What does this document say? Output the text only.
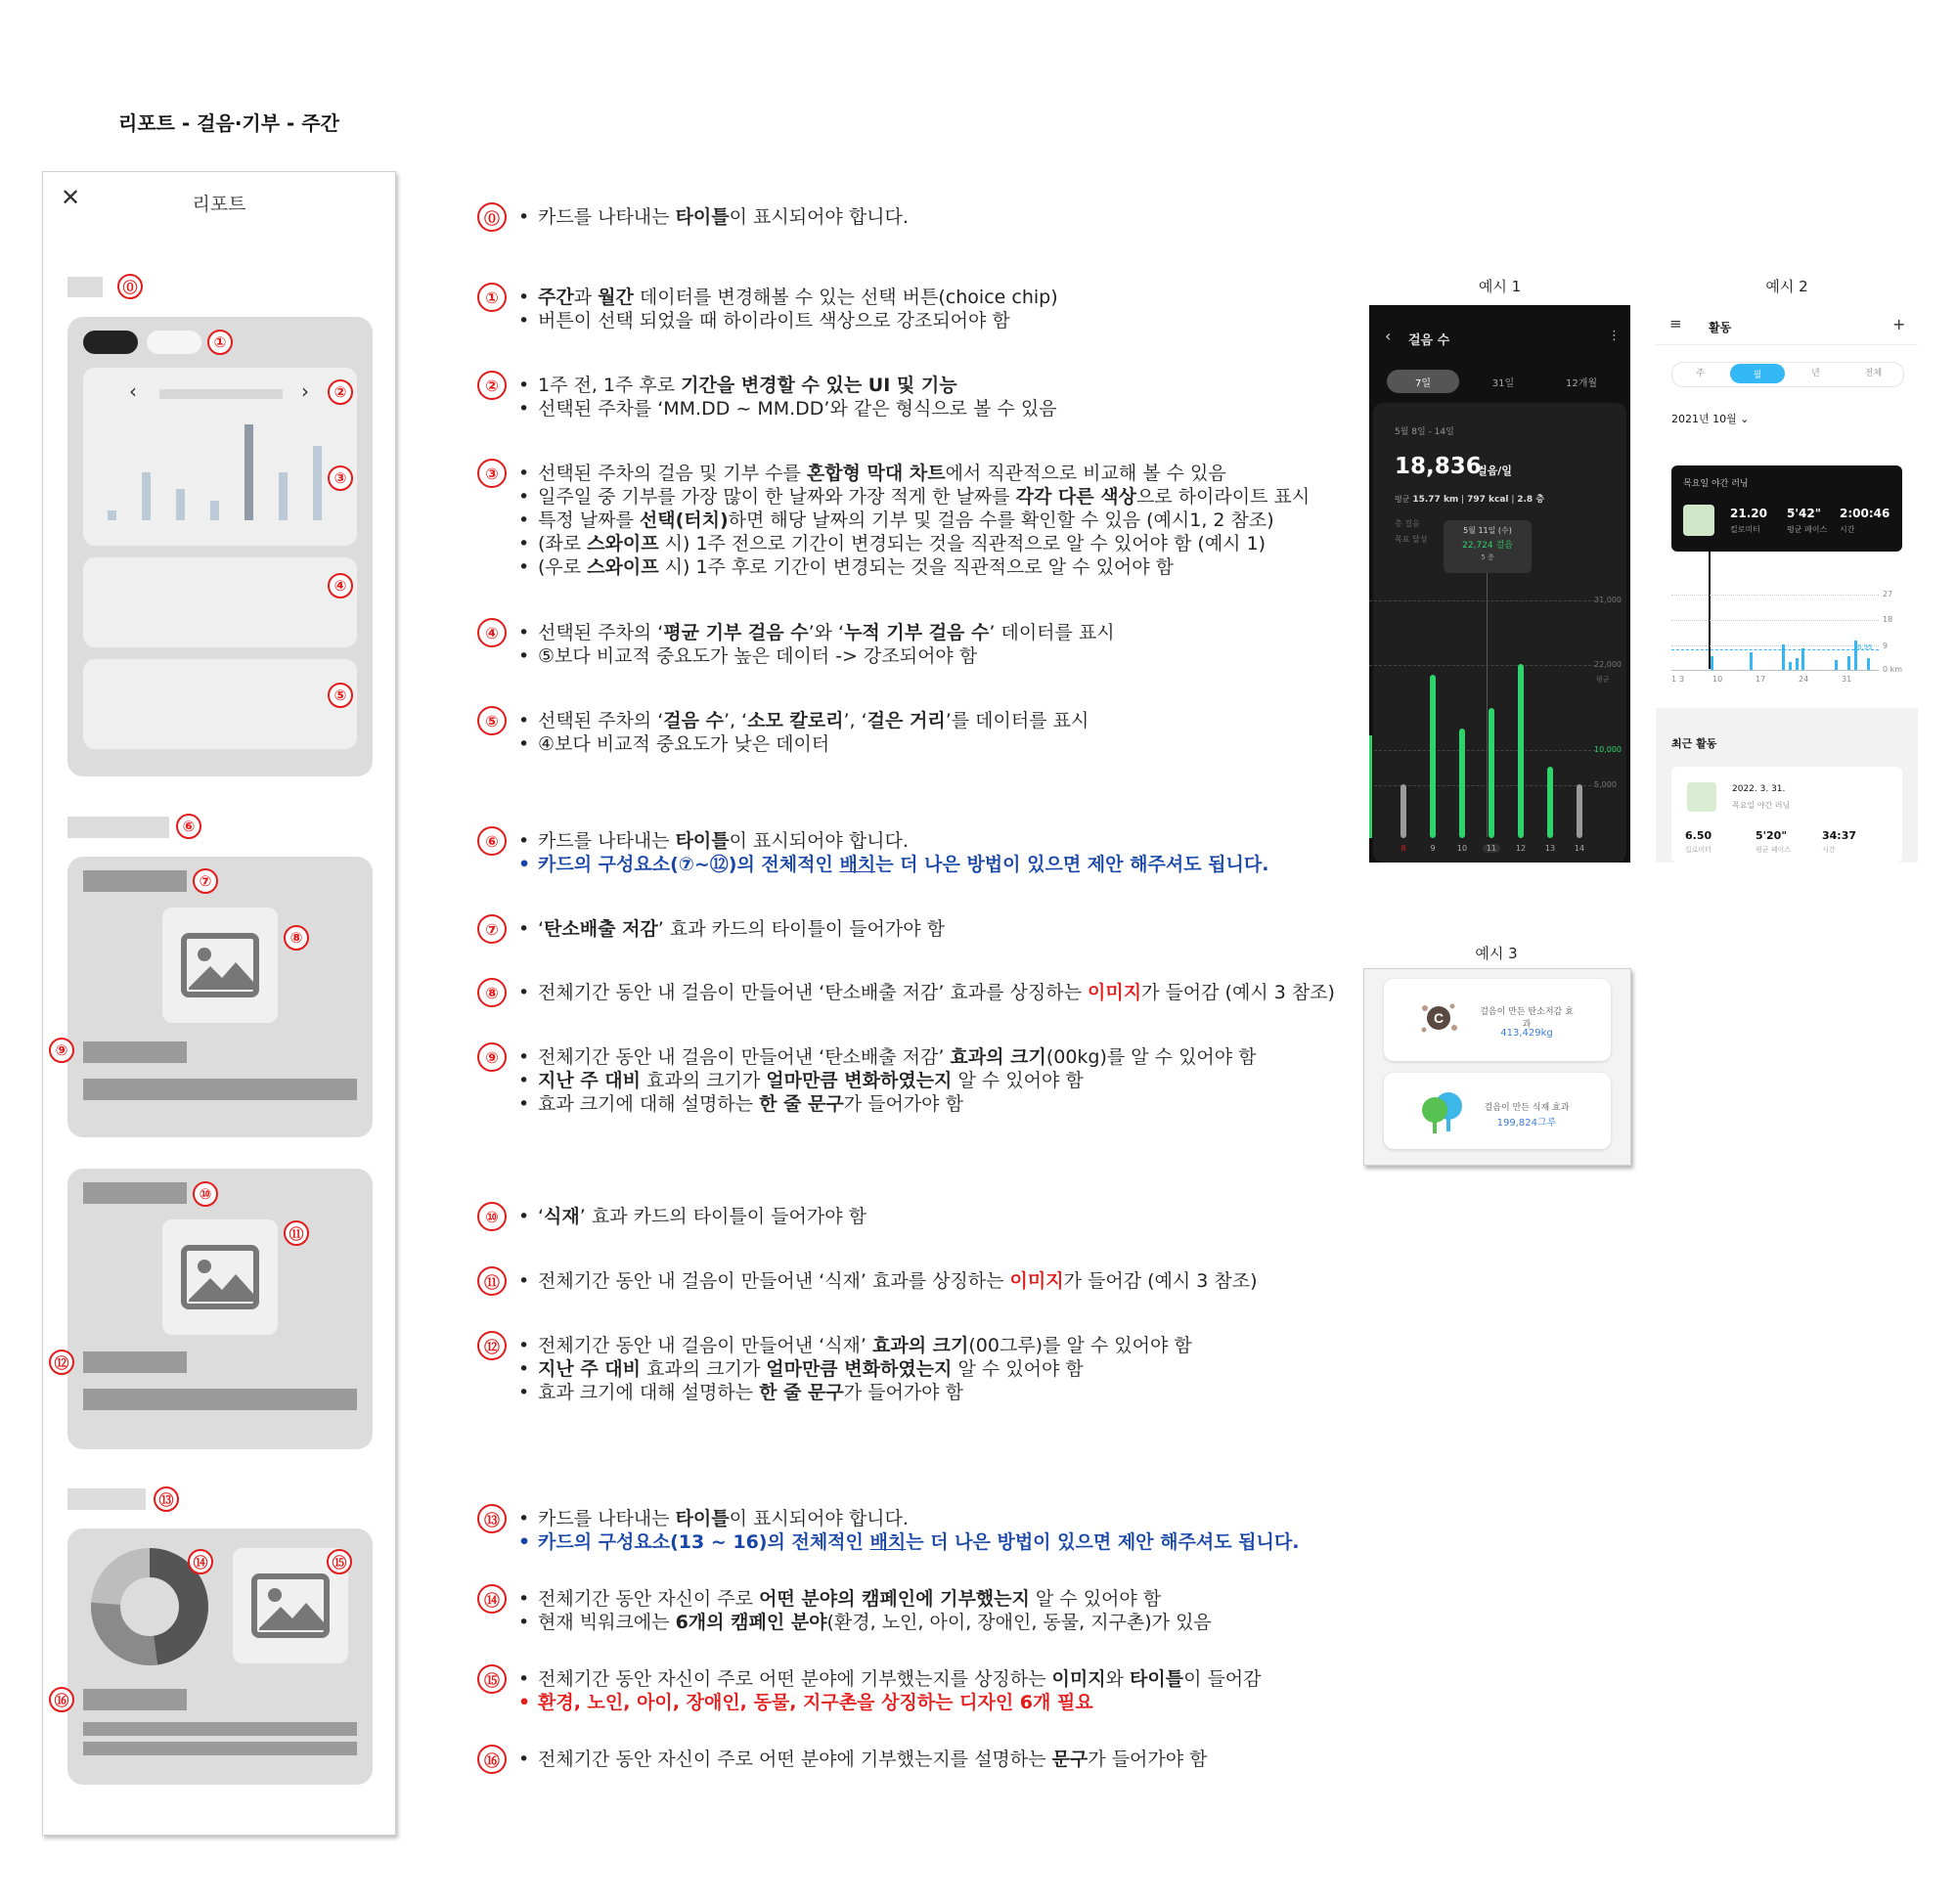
리포트 - 걸음·기부 - 주간
✕	리포트
⓪
①
‹	›	②
③
④
⑤
⑥
⑦
⑧
⑨
⑩
⑪
⑫
⑬
⑭	⑮
⑯
⓪	• 카드를 나타내는 타이틀이 표시되어야 합니다.
①	• 주간과 월간 데이터를 변경해볼 수 있는 선택 버튼(choice chip)
• 버튼이 선택 되었을 때 하이라이트 색상으로 강조되어야 함
②	• 1주 전, 1주 후로 기간을 변경할 수 있는 UI 및 기능
• 선택된 주차를 ‘MM.DD ~ MM.DD’와 같은 형식으로 볼 수 있음
③	• 선택된 주차의 걸음 및 기부 수를 혼합형 막대 차트에서 직관적으로 비교해 볼 수 있음
• 일주일 중 기부를 가장 많이 한 날짜와 가장 적게 한 날짜를 각각 다른 색상으로 하이라이트 표시
• 특정 날짜를 선택(터치)하면 해당 날짜의 기부 및 걸음 수를 확인할 수 있음 (예시1, 2 참조)
• (좌로 스와이프 시) 1주 전으로 기간이 변경되는 것을 직관적으로 알 수 있어야 함 (예시 1)
• (우로 스와이프 시) 1주 후로 기간이 변경되는 것을 직관적으로 알 수 있어야 함
④	• 선택된 주차의 ‘평균 기부 걸음 수’와 ‘누적 기부 걸음 수’ 데이터를 표시
• ⑤보다 비교적 중요도가 높은 데이터 -> 강조되어야 함
⑤	• 선택된 주차의 ‘걸음 수’, ‘소모 칼로리’, ‘걸은 거리’를 데이터를 표시
• ④보다 비교적 중요도가 낮은 데이터
⑥	• 카드를 나타내는 타이틀이 표시되어야 합니다.
• 카드의 구성요소(⑦~⑫)의 전체적인 배치는 더 나은 방법이 있으면 제안 해주셔도 됩니다.
⑦	• ‘탄소배출 저감’ 효과 카드의 타이틀이 들어가야 함
⑧	• 전체기간 동안 내 걸음이 만들어낸 ‘탄소배출 저감’ 효과를 상징하는 이미지가 들어감 (예시 3 참조)
⑨	• 전체기간 동안 내 걸음이 만들어낸 ‘탄소배출 저감’ 효과의 크기(00kg)를 알 수 있어야 함
• 지난 주 대비 효과의 크기가 얼마만큼 변화하였는지 알 수 있어야 함
• 효과 크기에 대해 설명하는 한 줄 문구가 들어가야 함
⑩	• ‘식재’ 효과 카드의 타이틀이 들어가야 함
⑪	• 전체기간 동안 내 걸음이 만들어낸 ‘식재’ 효과를 상징하는 이미지가 들어감 (예시 3 참조)
⑫	• 전체기간 동안 내 걸음이 만들어낸 ‘식재’ 효과의 크기(00그루)를 알 수 있어야 함
• 지난 주 대비 효과의 크기가 얼마만큼 변화하였는지 알 수 있어야 함
• 효과 크기에 대해 설명하는 한 줄 문구가 들어가야 함
⑬	• 카드를 나타내는 타이틀이 표시되어야 합니다.
• 카드의 구성요소(13 ~ 16)의 전체적인 배치는 더 나은 방법이 있으면 제안 해주셔도 됩니다.
⑭	• 전체기간 동안 자신이 주로 어떤 분야의 캠페인에 기부했는지 알 수 있어야 함
• 현재 빅워크에는 6개의 캠페인 분야(환경, 노인, 아이, 장애인, 동물, 지구촌)가 있음
⑮	• 전체기간 동안 자신이 주로 어떤 분야에 기부했는지를 상징하는 이미지와 타이틀이 들어감
• 환경, 노인, 아이, 장애인, 동물, 지구촌을 상징하는 디자인 6개 필요
⑯	• 전체기간 동안 자신이 주로 어떤 분야에 기부했는지를 설명하는 문구가 들어가야 함
예시 1
‹ 걸음 수	⋮
7일	31일	12개월
5월 8일 - 14일
18,836
걸음/일
평균 15.77 km | 797 kcal | 2.8 층
총 걸음
목표 달성
5월 11일 (수)
22,724 걸음
5 층
31,000
22,000
평균
10,000
5,000
8	9	10	11	12	13	14
예시 2
≡ 활동	+
주	월	년	전체
2021년 10월 ⌄
목요일 야간 러닝
21.20
킬로미터
5'42"
평균 페이스
2:00:46
시간
27
18
6.95 9
0 km
1 3	10	17	24	31
최근 활동
2022. 3. 31.
목요일 야간 러닝
6.50
킬로미터
5'20"
평균 페이스
34:37
시간
예시 3
C	걸음이 만든 탄소저감 효과
413,429kg
걸음이 만든 식재 효과
199,824그루
